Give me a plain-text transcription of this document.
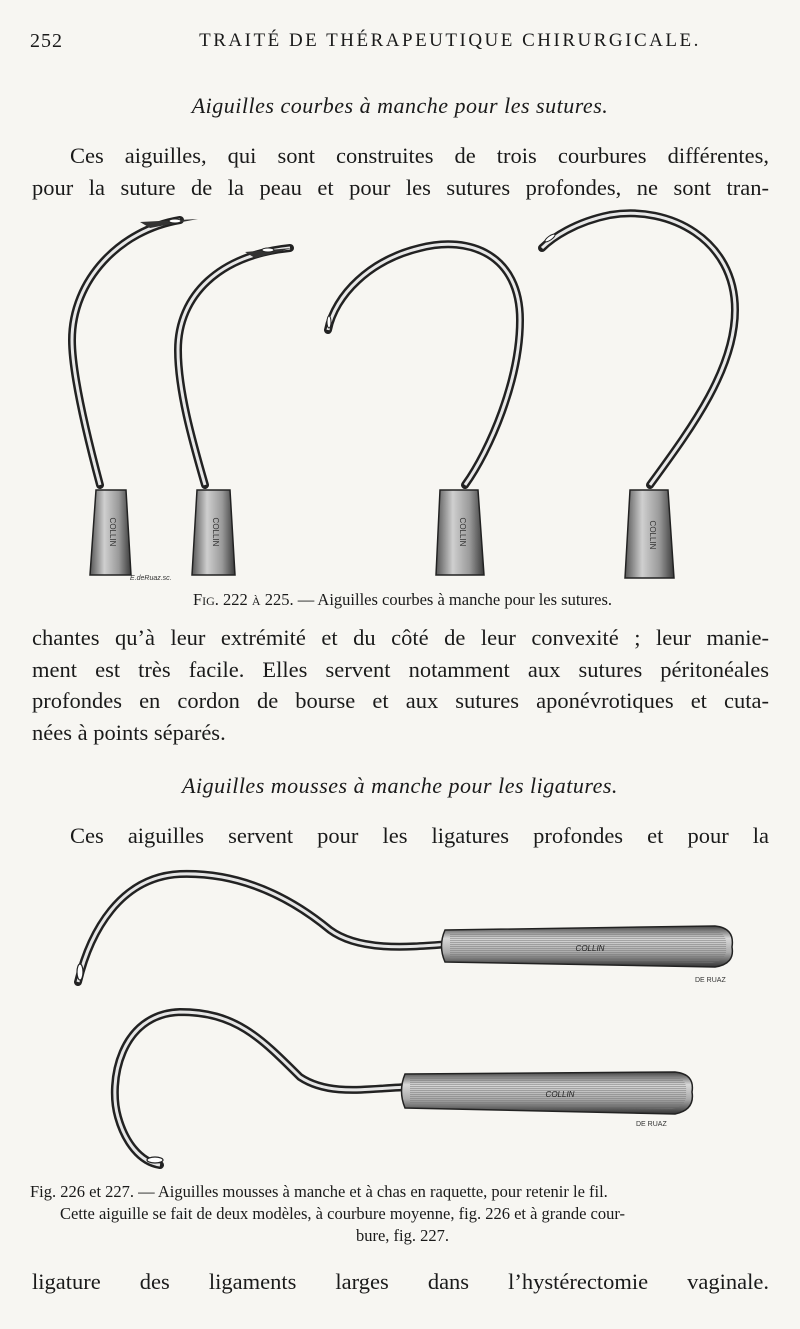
252	TRAITÉ DE THÉRAPEUTIQUE CHIRURGICALE.
Aiguilles courbes à manche pour les sutures.
Ces aiguilles, qui sont construites de trois courbures différentes,
pour la suture de la peau et pour les sutures profondes, ne sont tran-
COLLIN	COLLIN	COLLIN	COLLIN
E.deRuaz.sc.
Fig. 222 à 225. — Aiguilles courbes à manche pour les sutures.
chantes qu’à leur extrémité et du côté de leur convexité ; leur manie-
ment est très facile. Elles servent notamment aux sutures péritonéales
profondes en cordon de bourse et aux sutures aponévrotiques et cuta-
nées à points séparés.
Aiguilles mousses à manche pour les ligatures.
Ces aiguilles servent pour les ligatures profondes et pour la
COLLIN
DE RUAZ
COLLIN
DE RUAZ
Fig. 226 et 227. — Aiguilles mousses à manche et à chas en raquette, pour retenir le fil.
Cette aiguille se fait de deux modèles, à courbure moyenne, fig. 226 et à grande cour-
bure, fig. 227.
ligature des ligaments larges dans l’hystérectomie vaginale.
